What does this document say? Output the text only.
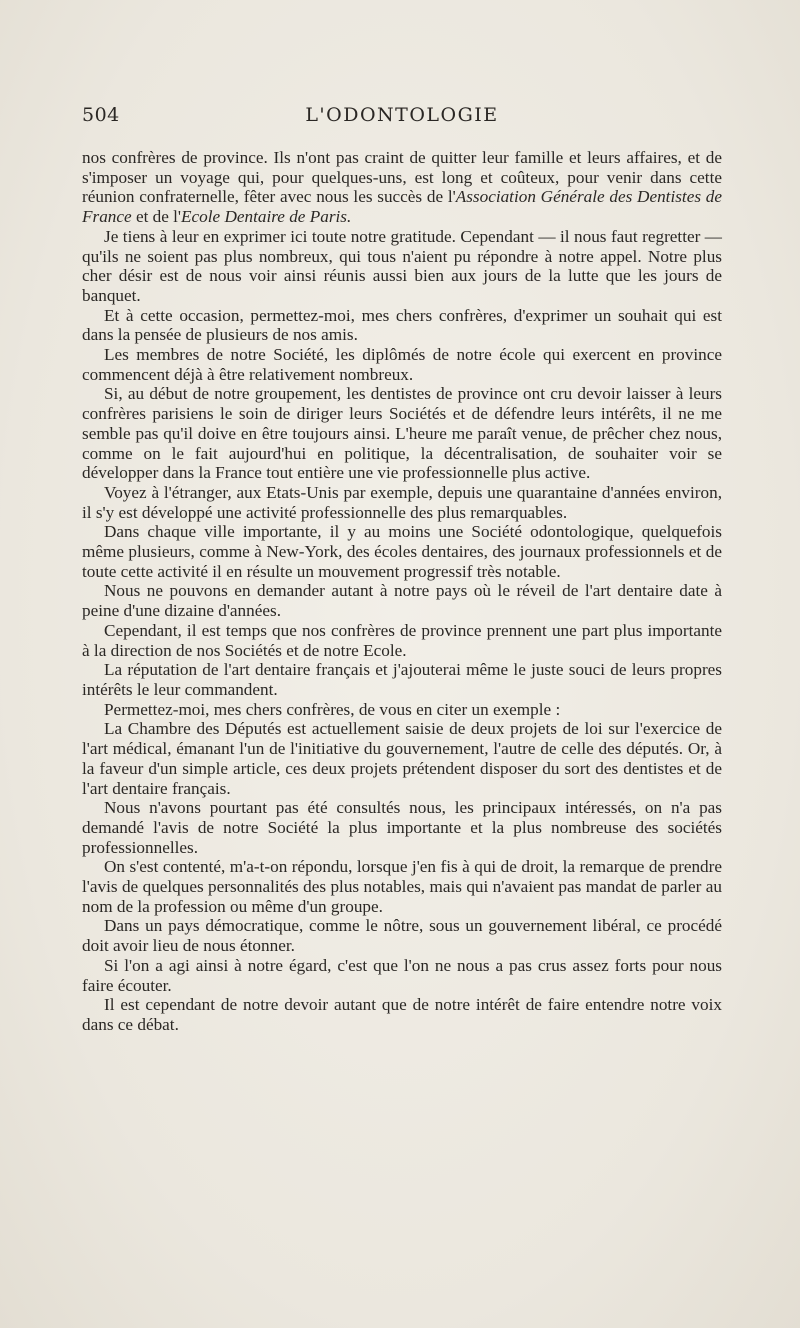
504	L'ODONTOLOGIE

nos confrères de province. Ils n'ont pas craint de quitter leur famille et leurs affaires, et de s'imposer un voyage qui, pour quelques-uns, est long et coûteux, pour venir dans cette réunion confraternelle, fêter avec nous les succès de l'Association Générale des Dentistes de France et de l'Ecole Dentaire de Paris.

Je tiens à leur en exprimer ici toute notre gratitude. Cependant — il nous faut regretter — qu'ils ne soient pas plus nombreux, qui tous n'aient pu répondre à notre appel. Notre plus cher désir est de nous voir ainsi réunis aussi bien aux jours de la lutte que les jours de banquet.

Et à cette occasion, permettez-moi, mes chers confrères, d'exprimer un souhait qui est dans la pensée de plusieurs de nos amis.

Les membres de notre Société, les diplômés de notre école qui exercent en province commencent déjà à être relativement nombreux.

Si, au début de notre groupement, les dentistes de province ont cru devoir laisser à leurs confrères parisiens le soin de diriger leurs Sociétés et de défendre leurs intérêts, il ne me semble pas qu'il doive en être toujours ainsi. L'heure me paraît venue, de prêcher chez nous, comme on le fait aujourd'hui en politique, la décentralisation, de souhaiter voir se développer dans la France tout entière une vie professionnelle plus active.

Voyez à l'étranger, aux Etats-Unis par exemple, depuis une quarantaine d'années environ, il s'y est développé une activité professionnelle des plus remarquables.

Dans chaque ville importante, il y au moins une Société odontologique, quelquefois même plusieurs, comme à New-York, des écoles dentaires, des journaux professionnels et de toute cette activité il en résulte un mouvement progressif très notable.

Nous ne pouvons en demander autant à notre pays où le réveil de l'art dentaire date à peine d'une dizaine d'années.

Cependant, il est temps que nos confrères de province prennent une part plus importante à la direction de nos Sociétés et de notre Ecole.

La réputation de l'art dentaire français et j'ajouterai même le juste souci de leurs propres intérêts le leur commandent.

Permettez-moi, mes chers confrères, de vous en citer un exemple :

La Chambre des Députés est actuellement saisie de deux projets de loi sur l'exercice de l'art médical, émanant l'un de l'initiative du gouvernement, l'autre de celle des députés. Or, à la faveur d'un simple article, ces deux projets prétendent disposer du sort des dentistes et de l'art dentaire français.

Nous n'avons pourtant pas été consultés nous, les principaux intéressés, on n'a pas demandé l'avis de notre Société la plus importante et la plus nombreuse des sociétés professionnelles.

On s'est contenté, m'a-t-on répondu, lorsque j'en fis à qui de droit, la remarque de prendre l'avis de quelques personnalités des plus notables, mais qui n'avaient pas mandat de parler au nom de la profession ou même d'un groupe.

Dans un pays démocratique, comme le nôtre, sous un gouvernement libéral, ce procédé doit avoir lieu de nous étonner.

Si l'on a agi ainsi à notre égard, c'est que l'on ne nous a pas crus assez forts pour nous faire écouter.

Il est cependant de notre devoir autant que de notre intérêt de faire entendre notre voix dans ce débat.
